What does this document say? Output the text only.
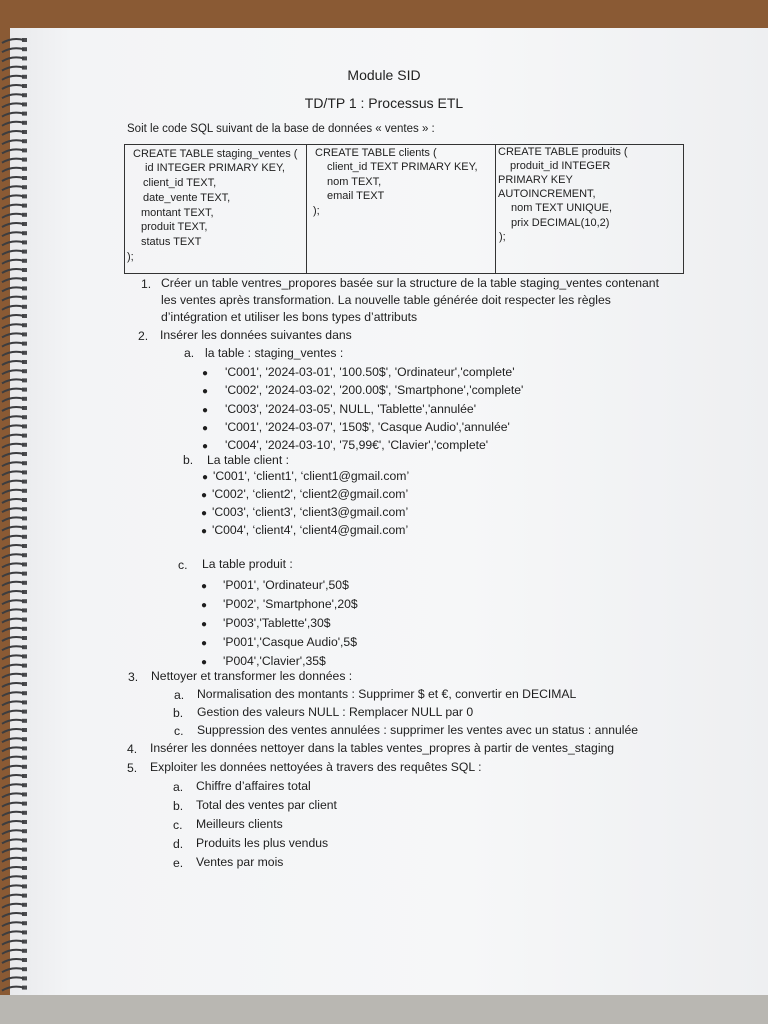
Module SID
TD/TP 1 : Processus ETL
Soit le code SQL suivant de la base de données « ventes » :
CREATE TABLE staging_ventes (
id INTEGER PRIMARY KEY,
client_id TEXT,
date_vente TEXT,
montant TEXT,
produit TEXT,
status TEXT
);
CREATE TABLE clients (
client_id TEXT PRIMARY KEY,
nom TEXT,
email TEXT
);
CREATE TABLE produits (
produit_id INTEGER
PRIMARY KEY
AUTOINCREMENT,
nom TEXT UNIQUE,
prix DECIMAL(10,2)
);
1. Créer un table ventres_propores basée sur la structure de la table staging_ventes contenant
les ventes après transformation. La nouvelle table générée doit respecter les règles
d’intégration et utiliser les bons types d’attributs
2. Insérer les données suivantes dans
a. la table : staging_ventes :
● 'C001', '2024-03-01', '100.50$', 'Ordinateur','complete'
● 'C002', '2024-03-02', '200.00$', 'Smartphone','complete'
● 'C003', '2024-03-05', NULL, 'Tablette','annulée'
● 'C001', '2024-03-07', '150$', 'Casque Audio','annulée'
● 'C004', '2024-03-10', '75,99€', 'Clavier','complete'
b. La table client :
● 'C001', ‘client1', ‘client1@gmail.com’
● 'C002', ‘client2', ‘client2@gmail.com’
● 'C003', ‘client3', ‘client3@gmail.com’
● 'C004', ‘client4', ‘client4@gmail.com’
c. La table produit :
● 'P001', 'Ordinateur',50$
● 'P002', 'Smartphone',20$
● 'P003','Tablette',30$
● 'P001','Casque Audio',5$
● 'P004','Clavier',35$
3. Nettoyer et transformer les données :
a. Normalisation des montants : Supprimer $ et €, convertir en DECIMAL
b. Gestion des valeurs NULL : Remplacer NULL par 0
c. Suppression des ventes annulées : supprimer les ventes avec un status : annulée
4. Insérer les données nettoyer dans la tables ventes_propres à partir de ventes_staging
5. Exploiter les données nettoyées à travers des requêtes SQL :
a. Chiffre d’affaires total
b. Total des ventes par client
c. Meilleurs clients
d. Produits les plus vendus
e. Ventes par mois
